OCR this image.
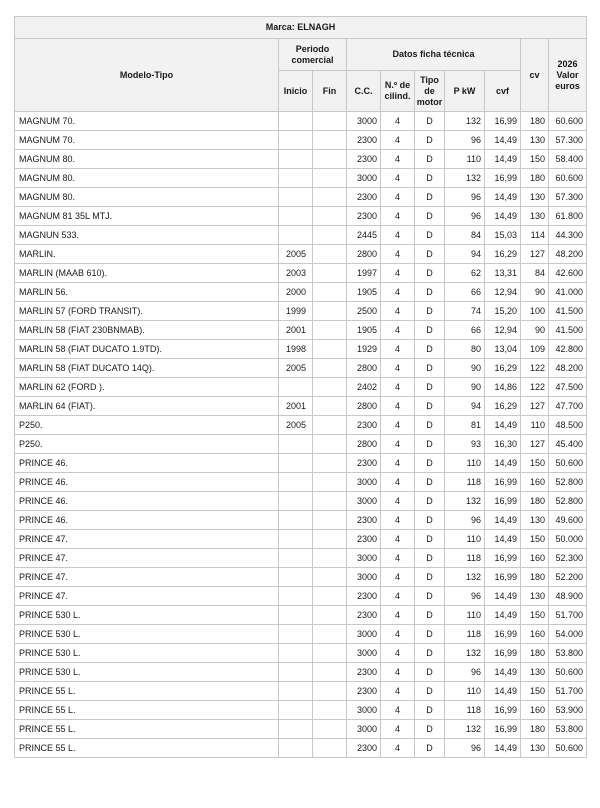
Marca: ELNAGH									
Modelo-Tipo	Periodo comercial		Datos ficha técnica					cv	2026 Valor euros
	Inicio	Fin	C.C.	N.º de cilind.	Tipo de motor	P kW	cvf		
MAGNUM 70.			3000	4	D	132	16,99	180	60.600
MAGNUM 70.			2300	4	D	96	14,49	130	57.300
MAGNUM 80.			2300	4	D	110	14,49	150	58.400
MAGNUM 80.			3000	4	D	132	16,99	180	60.600
MAGNUM 80.			2300	4	D	96	14,49	130	57.300
MAGNUM 81 35L MTJ.			2300	4	D	96	14,49	130	61.800
MAGNUN 533.			2445	4	D	84	15,03	114	44.300
MARLIN.	2005		2800	4	D	94	16,29	127	48.200
MARLIN (MAAB 610).	2003		1997	4	D	62	13,31	84	42.600
MARLIN 56.	2000		1905	4	D	66	12,94	90	41.000
MARLIN 57 (FORD TRANSIT).	1999		2500	4	D	74	15,20	100	41.500
MARLIN 58 (FIAT 230BNMAB).	2001		1905	4	D	66	12,94	90	41.500
MARLIN 58 (FIAT DUCATO 1.9TD).	1998		1929	4	D	80	13,04	109	42.800
MARLIN 58 (FIAT DUCATO 14Q).	2005		2800	4	D	90	16,29	122	48.200
MARLIN 62 (FORD ).			2402	4	D	90	14,86	122	47.500
MARLIN 64 (FIAT).	2001		2800	4	D	94	16,29	127	47.700
P250.	2005		2300	4	D	81	14,49	110	48.500
P250.			2800	4	D	93	16,30	127	45.400
PRINCE 46.			2300	4	D	110	14,49	150	50.600
PRINCE 46.			3000	4	D	118	16,99	160	52.800
PRINCE 46.			3000	4	D	132	16,99	180	52.800
PRINCE 46.			2300	4	D	96	14,49	130	49.600
PRINCE 47.			2300	4	D	110	14,49	150	50.000
PRINCE 47.			3000	4	D	118	16,99	160	52.300
PRINCE 47.			3000	4	D	132	16,99	180	52.200
PRINCE 47.			2300	4	D	96	14,49	130	48.900
PRINCE 530 L.			2300	4	D	110	14,49	150	51.700
PRINCE 530 L.			3000	4	D	118	16,99	160	54.000
PRINCE 530 L.			3000	4	D	132	16,99	180	53.800
PRINCE 530 L.			2300	4	D	96	14,49	130	50.600
PRINCE 55 L.			2300	4	D	110	14,49	150	51.700
PRINCE 55 L.			3000	4	D	118	16,99	160	53.900
PRINCE 55 L.			3000	4	D	132	16,99	180	53.800
PRINCE 55 L.			2300	4	D	96	14,49	130	50.600
